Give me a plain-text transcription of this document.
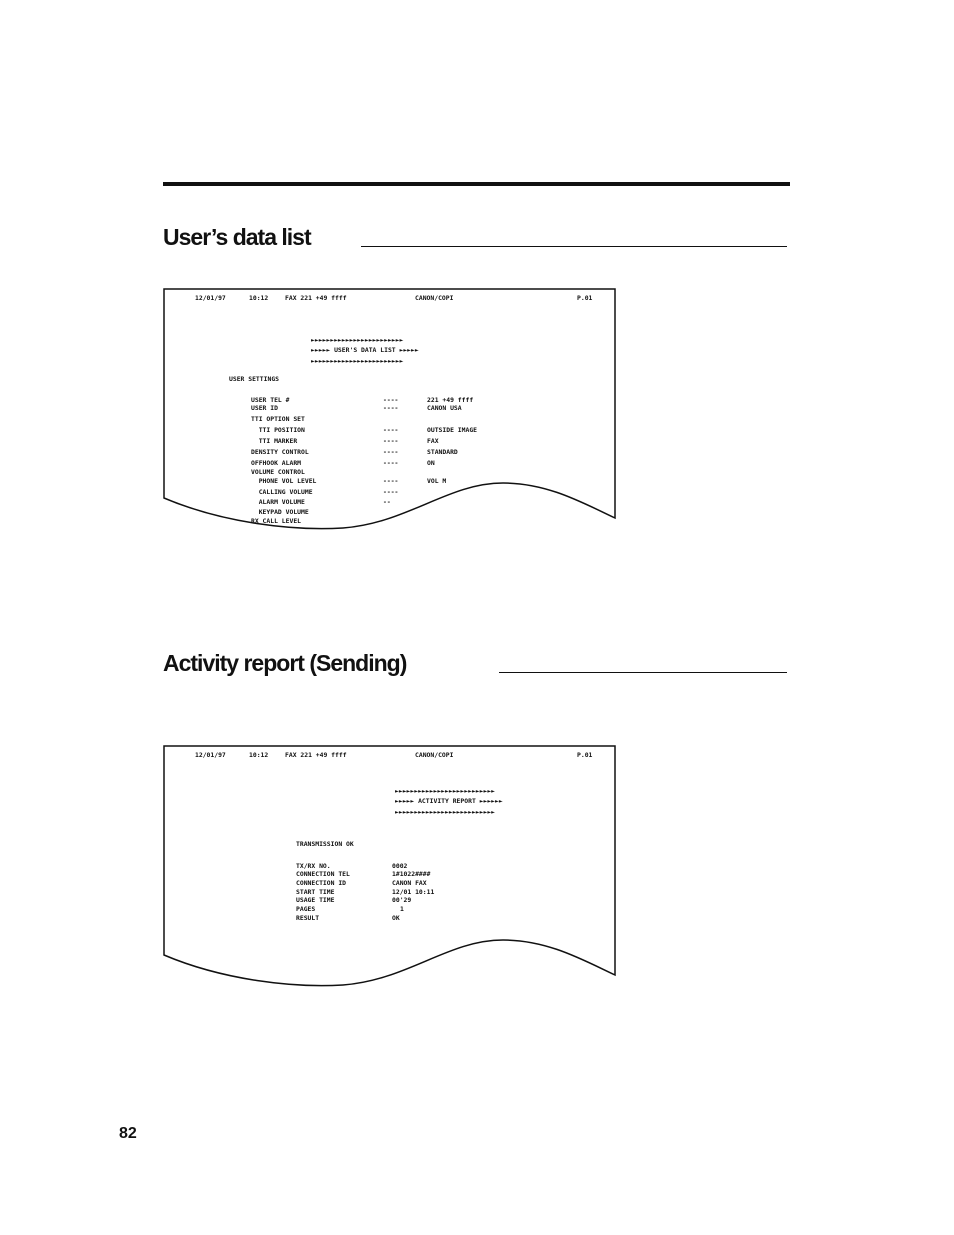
User’s data list
12/01/97	10:12	FAX 221 +49 ffff	CANON/COPI	P.01
►►►►►►►►►►►►►►►►►►►►►►►►
►►►►► USER'S DATA LIST ►►►►►
►►►►►►►►►►►►►►►►►►►►►►►►
USER SETTINGS
USER TEL #	----	221 +49 ffff
USER ID	----	CANON USA
TTI OPTION SET
TTI POSITION	----	OUTSIDE IMAGE
TTI MARKER	----	FAX
DENSITY CONTROL	----	STANDARD
OFFHOOK ALARM	----	ON
VOLUME CONTROL
PHONE VOL LEVEL	----	VOL M
CALLING VOLUME	----
ALARM VOLUME	--
KEYPAD VOLUME
RX CALL LEVEL
Activity report (Sending)
12/01/97	10:12	FAX 221 +49 ffff	CANON/COPI	P.01
►►►►►►►►►►►►►►►►►►►►►►►►►►
►►►►► ACTIVITY REPORT ►►►►►►
►►►►►►►►►►►►►►►►►►►►►►►►►►
TRANSMISSION OK
TX/RX NO.	0002
CONNECTION TEL	1#1022####
CONNECTION ID	CANON FAX
START TIME	12/01 10:11
USAGE TIME	00'29
PAGES	1
RESULT	OK
82
